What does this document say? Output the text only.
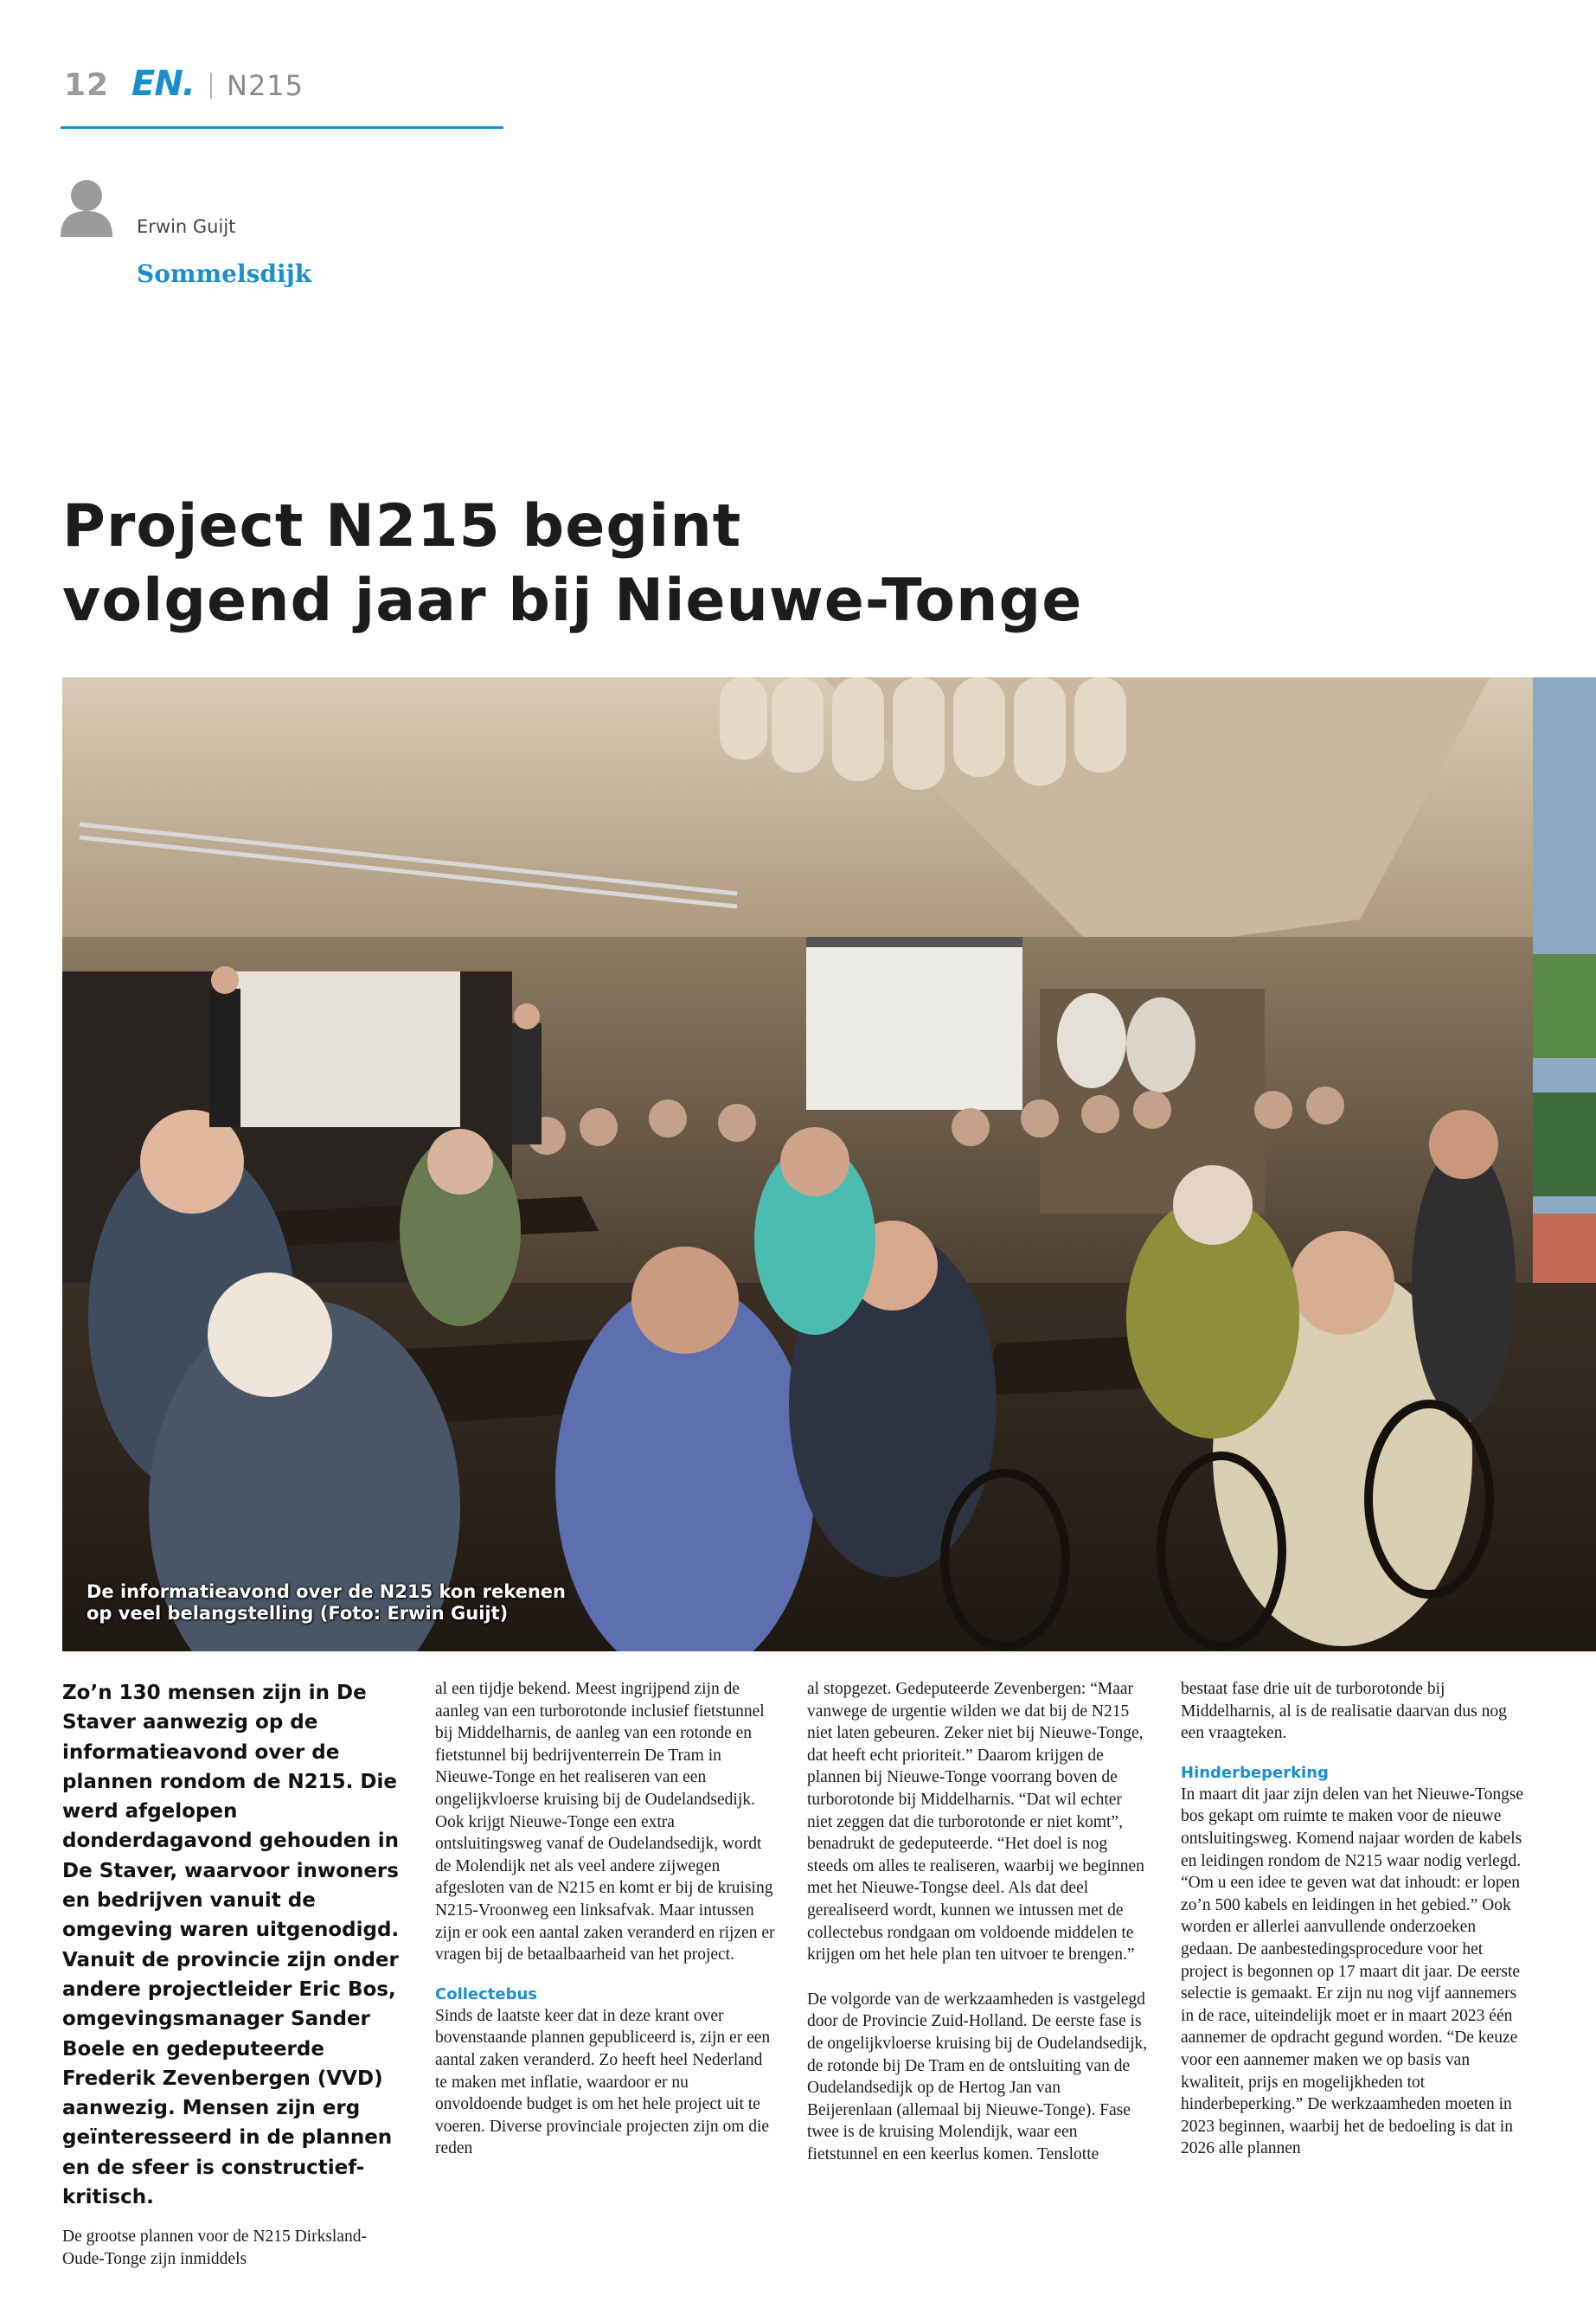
12 EN. N215
Erwin Guijt
Sommelsdijk
Project N215 begint
volgend jaar bij Nieuwe-Tonge
De informatieavond over de N215 kon rekenen
op veel belangstelling (Foto: Erwin Guijt)

Zo’n 130 mensen zijn in De Staver aanwezig op de informatieavond over de plannen rondom de N215. Die werd afgelopen donderdagavond gehouden in De Staver, waarvoor inwoners en bedrijven vanuit de omgeving waren uitgenodigd. Vanuit de provincie zijn onder andere projectleider Eric Bos, omgevingsmanager Sander Boele en gedeputeerde Frederik Zevenbergen (VVD) aanwezig. Mensen zijn erg geïnteresseerd in de plannen en de sfeer is constructief-kritisch.

De grootse plannen voor de N215 Dirksland-Oude-Tonge zijn inmiddels

al een tijdje bekend. Meest ingrijpend zijn de aanleg van een turborotonde inclusief fietstunnel bij Middelharnis, de aanleg van een rotonde en fietstunnel bij bedrijventerrein De Tram in Nieuwe-Tonge en het realiseren van een ongelijkvloerse kruising bij de Oudelandsedijk. Ook krijgt Nieuwe-Tonge een extra ontsluitingsweg vanaf de Oudelandsedijk, wordt de Molendijk net als veel andere zijwegen afgesloten van de N215 en komt er bij de kruising N215-Vroonweg een linksafvak. Maar intussen zijn er ook een aantal zaken veranderd en rijzen er vragen bij de betaalbaarheid van het project.

Collectebus

Sinds de laatste keer dat in deze krant over bovenstaande plannen gepubliceerd is, zijn er een aantal zaken veranderd. Zo heeft heel Nederland te maken met inflatie, waardoor er nu onvoldoende budget is om het hele project uit te voeren. Diverse provinciale projecten zijn om die reden

al stopgezet. Gedeputeerde Zevenbergen: “Maar vanwege de urgentie wilden we dat bij de N215 niet laten gebeuren. Zeker niet bij Nieuwe-Tonge, dat heeft echt prioriteit.” Daarom krijgen de plannen bij Nieuwe-Tonge voorrang boven de turborotonde bij Middelharnis. “Dat wil echter niet zeggen dat die turborotonde er niet komt”, benadrukt de gedeputeerde. “Het doel is nog steeds om alles te realiseren, waarbij we beginnen met het Nieuwe-Tongse deel. Als dat deel gerealiseerd wordt, kunnen we intussen met de collectebus rondgaan om voldoende middelen te krijgen om het hele plan ten uitvoer te brengen.”

De volgorde van de werkzaamheden is vastgelegd door de Provincie Zuid-Holland. De eerste fase is de ongelijkvloerse kruising bij de Oudelandsedijk, de rotonde bij De Tram en de ontsluiting van de Oudelandsedijk op de Hertog Jan van Beijerenlaan (allemaal bij Nieuwe-Tonge). Fase twee is de kruising Molendijk, waar een fietstunnel en een keerlus komen. Tenslotte

bestaat fase drie uit de turborotonde bij Middelharnis, al is de realisatie daarvan dus nog een vraagteken.

Hinderbeperking

In maart dit jaar zijn delen van het Nieuwe-Tongse bos gekapt om ruimte te maken voor de nieuwe ontsluitingsweg. Komend najaar worden de kabels en leidingen rondom de N215 waar nodig verlegd. “Om u een idee te geven wat dat inhoudt: er lopen zo’n 500 kabels en leidingen in het gebied.” Ook worden er allerlei aanvullende onderzoeken gedaan. De aanbestedingsprocedure voor het project is begonnen op 17 maart dit jaar. De eerste selectie is gemaakt. Er zijn nu nog vijf aannemers in de race, uiteindelijk moet er in maart 2023 één aannemer de opdracht gegund worden. “De keuze voor een aannemer maken we op basis van kwaliteit, prijs en mogelijkheden tot hinderbeperking.” De werkzaamheden moeten in 2023 beginnen, waarbij het de bedoeling is dat in 2026 alle plannen
